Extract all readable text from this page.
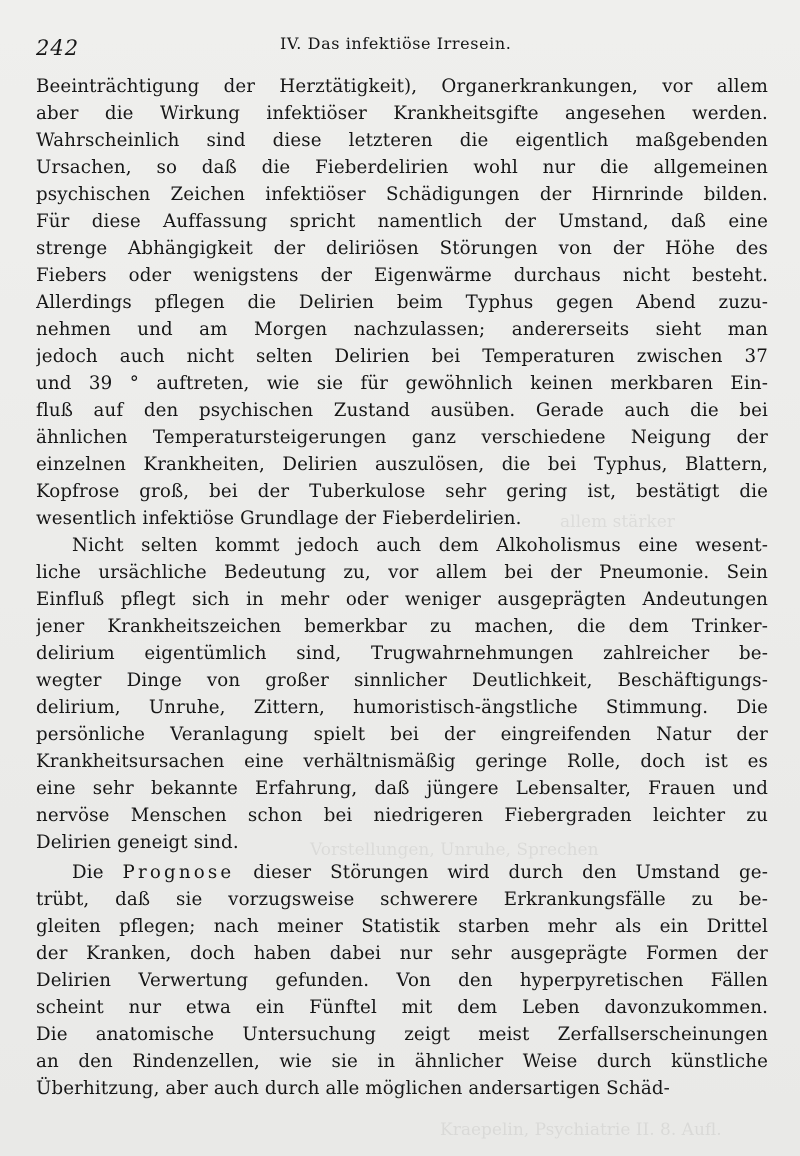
allem stärker
Vorstellungen, Unruhe, Sprechen
Kraepelin, Psychiatrie II. 8. Aufl.
242	IV. Das infektiöse Irresein.
Beeinträchtigung der Herztätigkeit), Organerkrankungen, vor allem
aber die Wirkung infektiöser Krankheitsgifte angesehen werden.
Wahrscheinlich sind diese letzteren die eigentlich maßgebenden
Ursachen, so daß die Fieberdelirien wohl nur die allgemeinen
psychischen Zeichen infektiöser Schädigungen der Hirnrinde bilden.
Für diese Auffassung spricht namentlich der Umstand, daß eine
strenge Abhängigkeit der deliriösen Störungen von der Höhe des
Fiebers oder wenigstens der Eigenwärme durchaus nicht besteht.
Allerdings pflegen die Delirien beim Typhus gegen Abend zuzu-
nehmen und am Morgen nachzulassen; andererseits sieht man
jedoch auch nicht selten Delirien bei Temperaturen zwischen 37
und 39 ° auftreten, wie sie für gewöhnlich keinen merkbaren Ein-
fluß auf den psychischen Zustand ausüben. Gerade auch die bei
ähnlichen Temperatursteigerungen ganz verschiedene Neigung der
einzelnen Krankheiten, Delirien auszulösen, die bei Typhus, Blattern,
Kopfrose groß, bei der Tuberkulose sehr gering ist, bestätigt die
wesentlich infektiöse Grundlage der Fieberdelirien.
Nicht selten kommt jedoch auch dem Alkoholismus eine wesent-
liche ursächliche Bedeutung zu, vor allem bei der Pneumonie. Sein
Einfluß pflegt sich in mehr oder weniger ausgeprägten Andeutungen
jener Krankheitszeichen bemerkbar zu machen, die dem Trinker-
delirium eigentümlich sind, Trugwahrnehmungen zahlreicher be-
wegter Dinge von großer sinnlicher Deutlichkeit, Beschäftigungs-
delirium, Unruhe, Zittern, humoristisch-ängstliche Stimmung. Die
persönliche Veranlagung spielt bei der eingreifenden Natur der
Krankheitsursachen eine verhältnismäßig geringe Rolle, doch ist es
eine sehr bekannte Erfahrung, daß jüngere Lebensalter, Frauen und
nervöse Menschen schon bei niedrigeren Fiebergraden leichter zu
Delirien geneigt sind.
Die Prognose dieser Störungen wird durch den Umstand ge-
trübt, daß sie vorzugsweise schwerere Erkrankungsfälle zu be-
gleiten pflegen; nach meiner Statistik starben mehr als ein Drittel
der Kranken, doch haben dabei nur sehr ausgeprägte Formen der
Delirien Verwertung gefunden. Von den hyperpyretischen Fällen
scheint nur etwa ein Fünftel mit dem Leben davonzukommen.
Die anatomische Untersuchung zeigt meist Zerfallserscheinungen
an den Rindenzellen, wie sie in ähnlicher Weise durch künstliche
Überhitzung, aber auch durch alle möglichen andersartigen Schäd-
